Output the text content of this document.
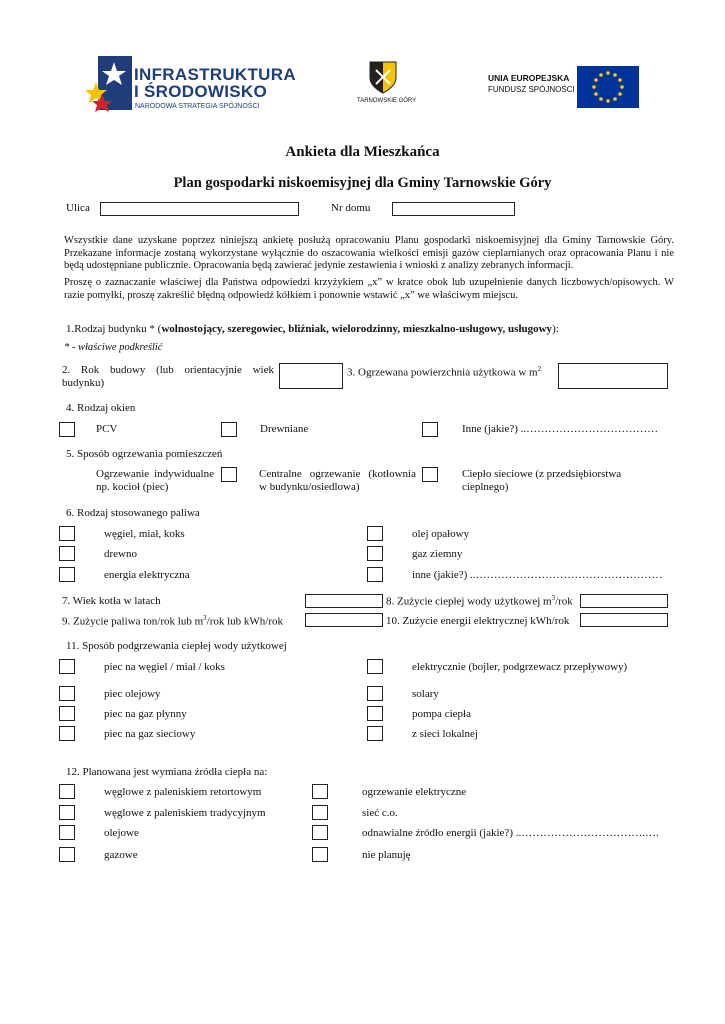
INFRASTRUKTURA
I ŚRODOWISKO
NARODOWA STRATEGIA SPÓJNOŚCI
TARNOWSKIE GÓRY
UNIA EUROPEJSKA
FUNDUSZ SPÓJNOŚCI
Ankieta dla Mieszkańca
Plan gospodarki niskoemisyjnej dla Gminy Tarnowskie Góry
Ulica	Nr domu
Wszystkie dane uzyskane poprzez niniejszą ankietę posłużą opracowaniu Planu gospodarki niskoemisyjnej dla Gminy Tarnowskie Góry. Przekazane informacje zostaną wykorzystane wyłącznie do oszacowania wielkości emisji gazów cieplarnianych oraz opracowania Planu i nie będą udostępniane publicznie. Opracowania będą zawierać jedynie zestawienia i wnioski z analizy zebranych informacji.
Proszę o zaznaczanie właściwej dla Państwa odpowiedzi krzyżykiem „x” w kratce obok lub uzupełnienie danych liczbowych/opisowych. W razie pomyłki, proszę zakreślić błędną odpowiedź kółkiem i ponownie wstawić „x” we właściwym miejscu.
1.Rodzaj budynku * (wolnostojący, szeregowiec, bliźniak, wielorodzinny, mieszkalno-usługowy, usługowy):
* - właściwe podkreślić
2. Rok budowy (lub orientacyjnie wiek
budynku)
3. Ogrzewana powierzchnia użytkowa w $m^2$
4. Rodzaj okien
PCV	Drewniane	Inne (jakie?) ..………………………………
5. Sposób ogrzewania pomieszczeń
Ogrzewanie indywidualne
np. kocioł (piec)
Centralne ogrzewanie (kotłownia
w budynku/osiedlowa)
Ciepło sieciowe (z przedsiębiorstwa
cieplnego)
6. Rodzaj stosowanego paliwa
węgiel, miał, koks
drewno
energia elektryczna
olej opałowy
gaz ziemny
inne (jakie?) ..……………………………………………
7. Wiek kotła w latach	8. Zużycie ciepłej wody użytkowej $m^3$/rok
9. Zużycie paliwa ton/rok lub $m^3$/rok lub kWh/rok	10. Zużycie energii elektrycznej kWh/rok
11. Sposób podgrzewania ciepłej wody użytkowej
piec na węgiel / miał / koks
piec olejowy
piec na gaz płynny
piec na gaz sieciowy
elektrycznie (bojler, podgrzewacz przepływowy)
solary
pompa ciepła
z sieci lokalnej
12. Planowana jest wymiana źródła ciepła na:
węglowe z paleniskiem retortowym
węglowe z paleniskiem tradycyjnym
olejowe
gazowe
ogrzewanie elektryczne
sieć c.o.
odnawialne źródło energii (jakie?) ..…………………………….….
nie planuję
